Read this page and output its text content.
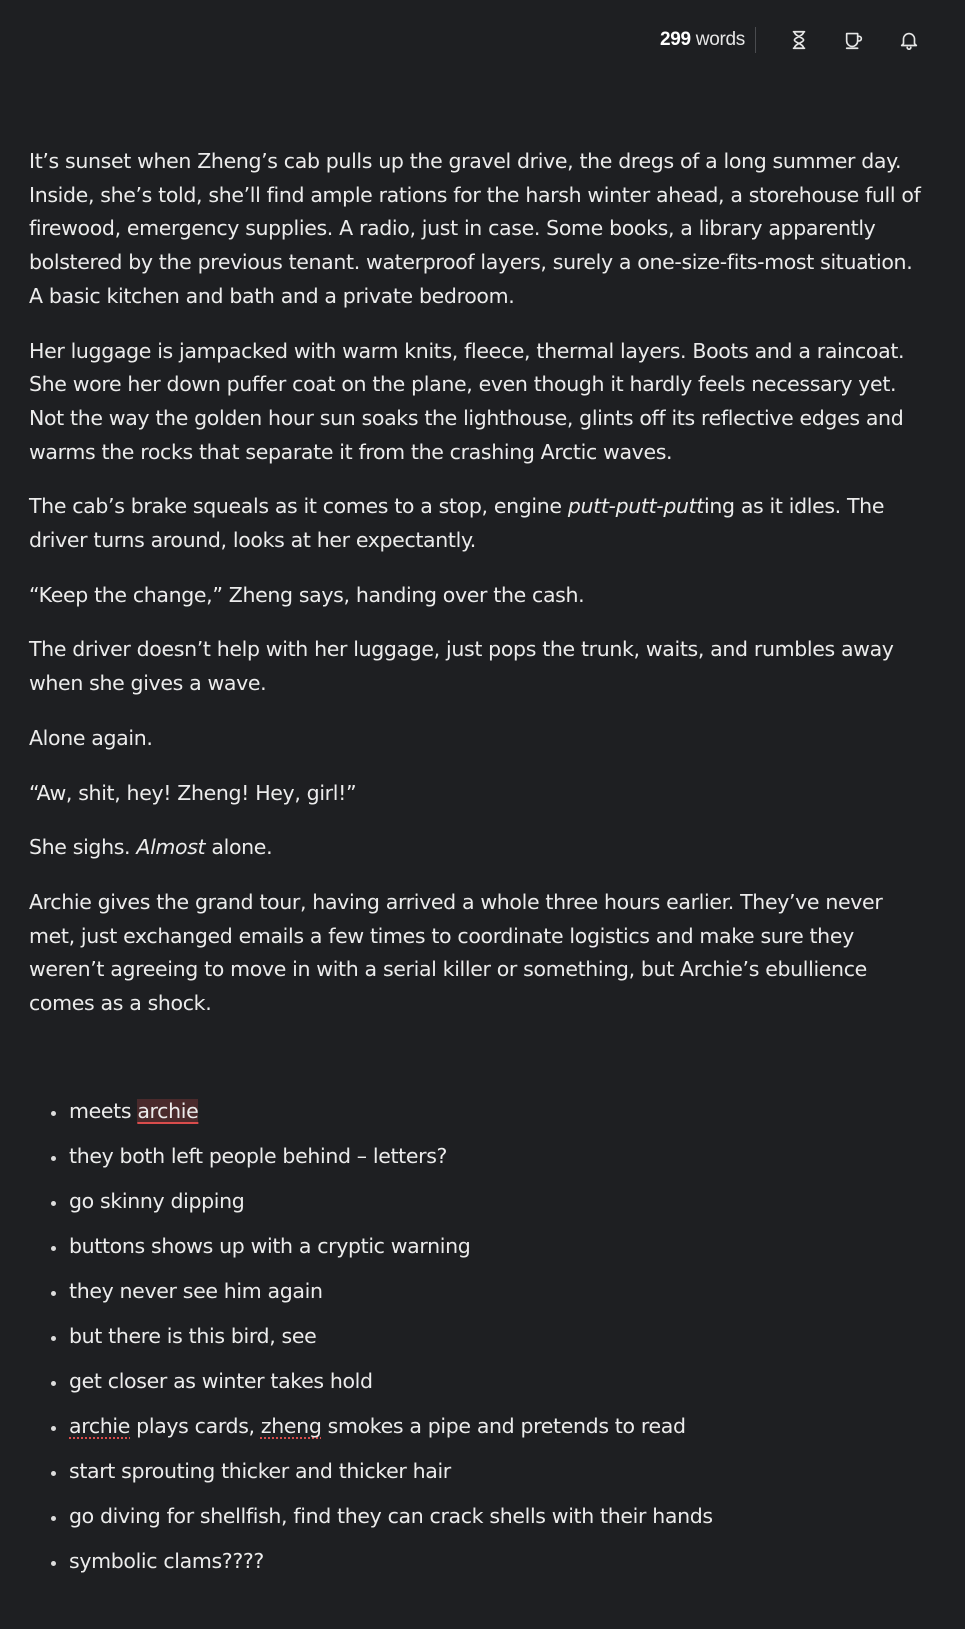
299 words

It’s sunset when Zheng’s cab pulls up the gravel drive, the dregs of a long summer day. Inside, she’s told, she’ll find ample rations for the harsh winter ahead, a storehouse full of firewood, emergency supplies. A radio, just in case. Some books, a library apparently bolstered by the previous tenant. waterproof layers, surely a one-size-fits-most situation. A basic kitchen and bath and a private bedroom.

Her luggage is jampacked with warm knits, fleece, thermal layers. Boots and a raincoat. She wore her down puffer coat on the plane, even though it hardly feels necessary yet. Not the way the golden hour sun soaks the lighthouse, glints off its reflective edges and warms the rocks that separate it from the crashing Arctic waves.

The cab’s brake squeals as it comes to a stop, engine putt-putt-putting as it idles. The driver turns around, looks at her expectantly.

“Keep the change,” Zheng says, handing over the cash.

The driver doesn’t help with her luggage, just pops the trunk, waits, and rumbles away when she gives a wave.

Alone again.

“Aw, shit, hey! Zheng! Hey, girl!”

She sighs. Almost alone.

Archie gives the grand tour, having arrived a whole three hours earlier. They’ve never met, just exchanged emails a few times to coordinate logistics and make sure they weren’t agreeing to move in with a serial killer or something, but Archie’s ebullience comes as a shock.

meets archie
they both left people behind – letters?
go skinny dipping
buttons shows up with a cryptic warning
they never see him again
but there is this bird, see
get closer as winter takes hold
archie plays cards, zheng smokes a pipe and pretends to read
start sprouting thicker and thicker hair
go diving for shellfish, find they can crack shells with their hands
symbolic clams????
